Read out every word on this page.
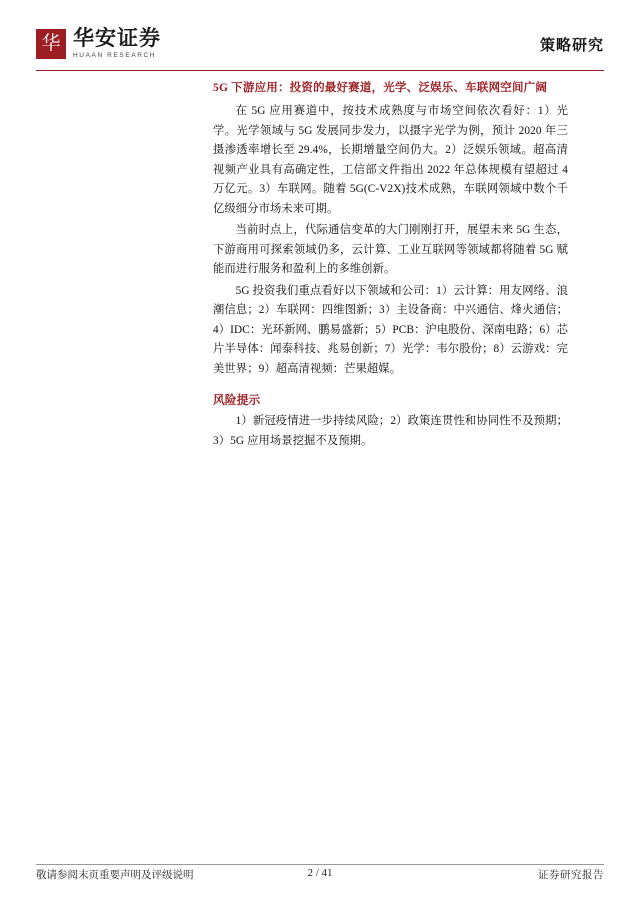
华 华安证券
HUAAN RESEARCH
策略研究
5G 下游应用：投资的最好赛道，光学、泛娱乐、车联网空间广阔

在 5G 应用赛道中，按技术成熟度与市场空间依次看好：1）光学。光学领域与 5G 发展同步发力，以摄字光学为例，预计 2020 年三摄渗透率增长至 29.4%，长期增量空间仍大。2）泛娱乐领域。超高清视频产业具有高确定性，工信部文件指出 2022 年总体规模有望超过 4 万亿元。3）车联网。随着 5G(C-V2X)技术成熟，车联网领域中数个千亿级细分市场未来可期。

当前时点上，代际通信变革的大门刚刚打开，展望未来 5G 生态，下游商用可探索领域仍多，云计算、工业互联网等领域都将随着 5G 赋能而进行服务和盈利上的多维创新。

5G 投资我们重点看好以下领域和公司：1）云计算：用友网络、浪潮信息；2）车联网：四维图新；3）主设备商：中兴通信、烽火通信；4）IDC：光环新网、鹏易盛新；5）PCB：沪电股份、深南电路；6）芯片半导体：闻泰科技、兆易创新；7）光学：韦尔股份；8）云游戏：完美世界；9）超高清视频：芒果超媒。

风险提示

1）新冠疫情进一步持续风险；2）政策连贯性和协同性不及预期；3）5G 应用场景挖掘不及预期。

敬请参阅末页重要声明及评级说明	2 / 41	证券研究报告
